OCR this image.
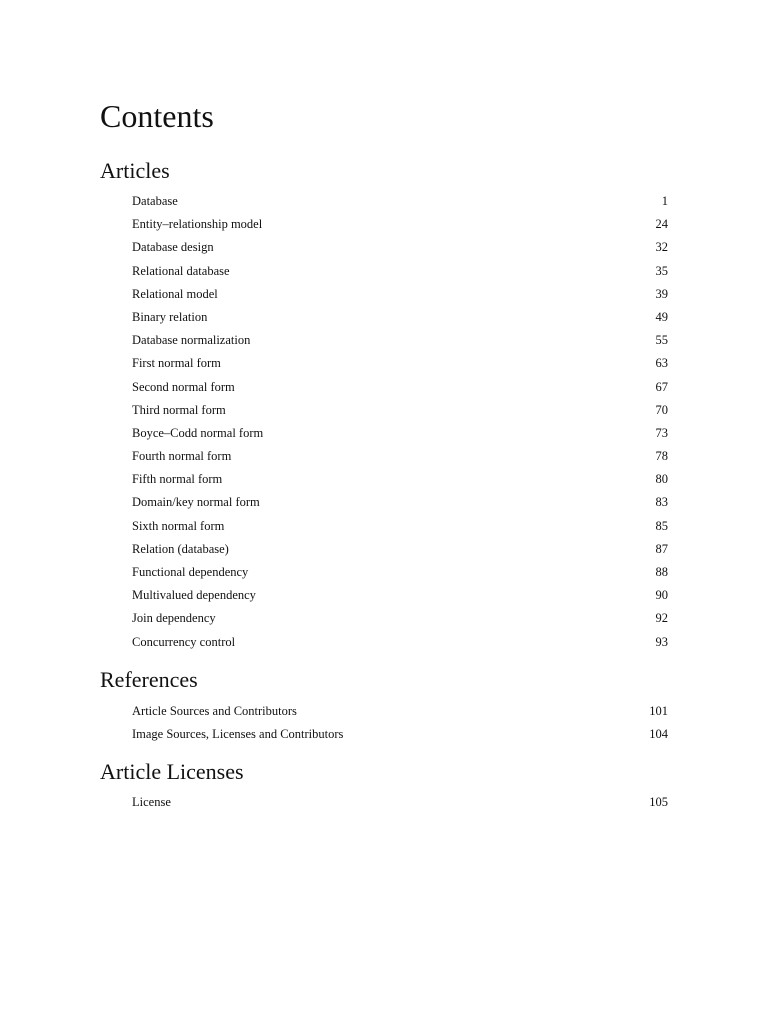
Contents
Articles
Database	1
Entity–relationship model	24
Database design	32
Relational database	35
Relational model	39
Binary relation	49
Database normalization	55
First normal form	63
Second normal form	67
Third normal form	70
Boyce–Codd normal form	73
Fourth normal form	78
Fifth normal form	80
Domain/key normal form	83
Sixth normal form	85
Relation (database)	87
Functional dependency	88
Multivalued dependency	90
Join dependency	92
Concurrency control	93
References
Article Sources and Contributors	101
Image Sources, Licenses and Contributors	104
Article Licenses
License	105
